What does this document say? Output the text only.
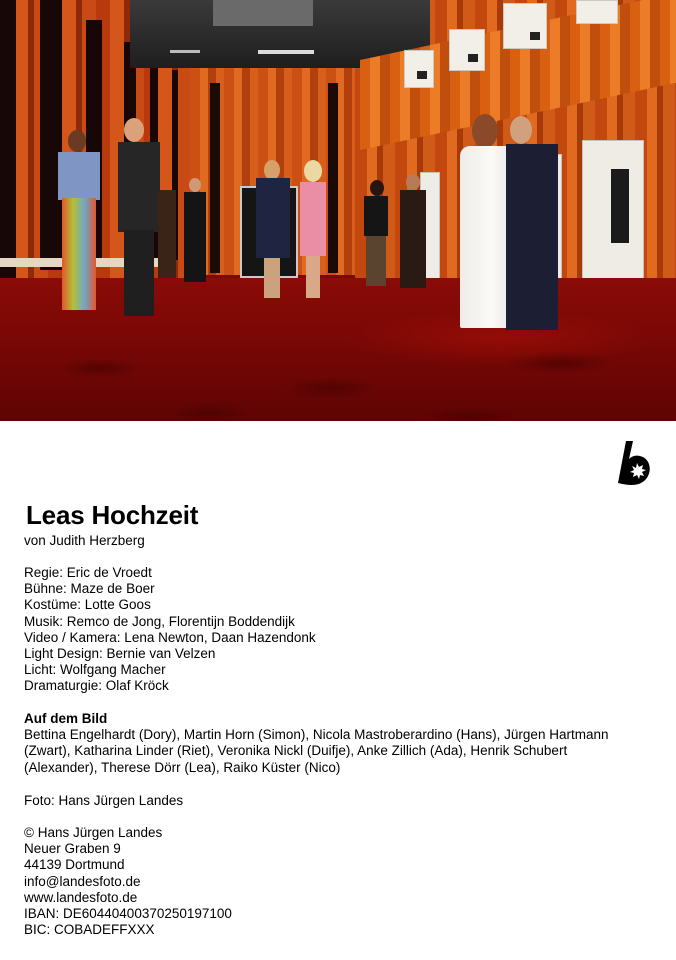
Leas Hochzeit
von Judith Herzberg
Regie: Eric de Vroedt
Bühne: Maze de Boer
Kostüme: Lotte Goos
Musik: Remco de Jong, Florentijn Boddendijk
Video / Kamera: Lena Newton, Daan Hazendonk
Light Design: Bernie van Velzen
Licht: Wolfgang Macher
Dramaturgie: Olaf Kröck
Auf dem Bild
Bettina Engelhardt (Dory), Martin Horn (Simon), Nicola Mastroberardino (Hans), Jürgen Hartmann (Zwart), Katharina Linder (Riet), Veronika Nickl (Duifje), Anke Zillich (Ada), Henrik Schubert (Alexander), Therese Dörr (Lea), Raiko Küster (Nico)
Foto: Hans Jürgen Landes
© Hans Jürgen Landes
Neuer Graben 9
44139 Dortmund
info@landesfoto.de
www.landesfoto.de
IBAN: DE60440400370250197100
BIC: COBADEFFXXX
